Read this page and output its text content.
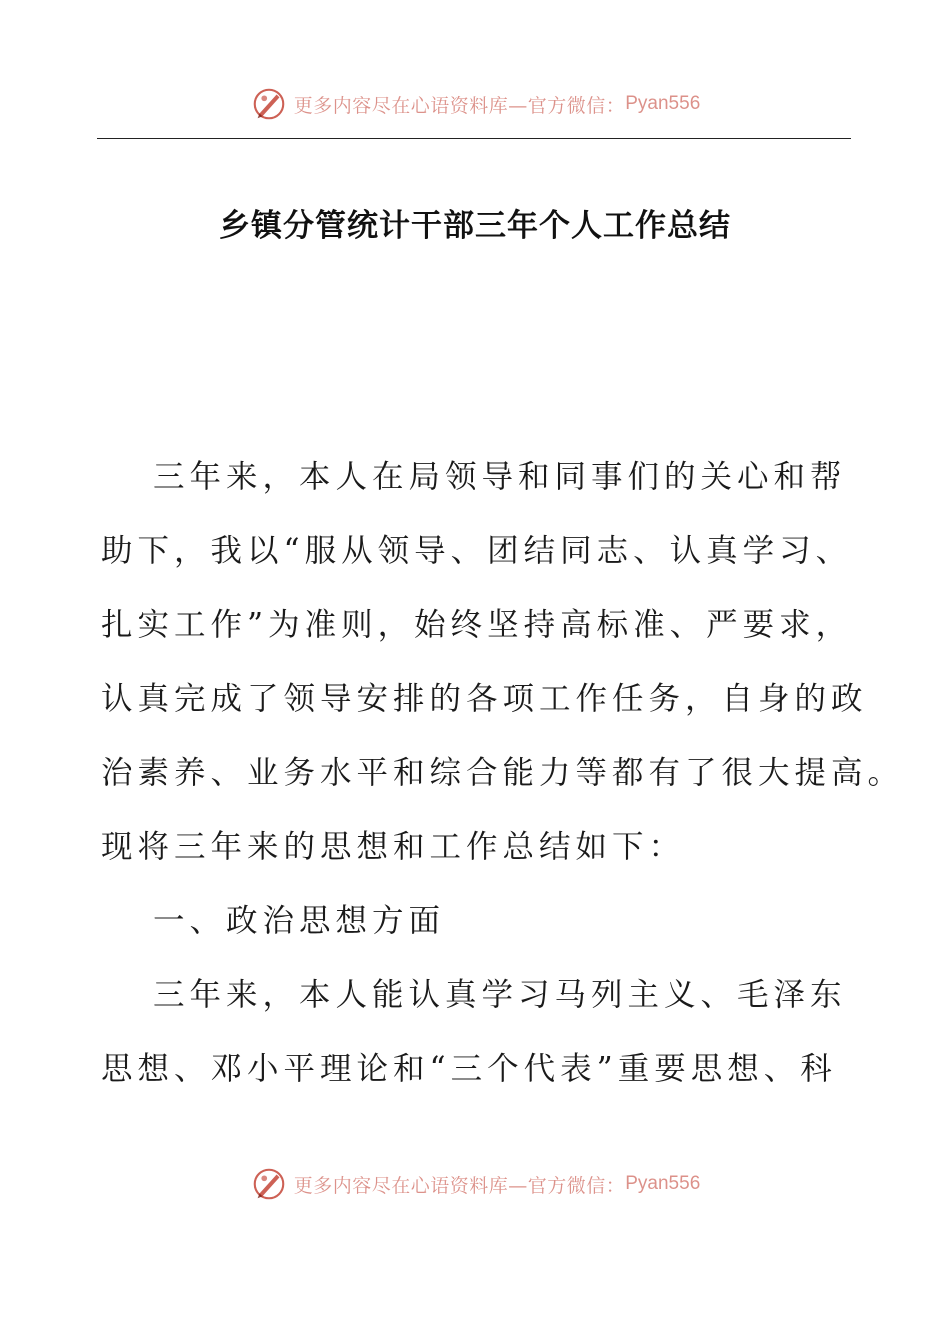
更多内容尽在心语资料库—官方微信： Pyan556
乡镇分管统计干部三年个人工作总结
三年来，本人在局领导和同事们的关心和帮
助下，我以“服从领导、团结同志、认真学习、
扎实工作”为准则，始终坚持高标准、严要求，
认真完成了领导安排的各项工作任务，自身的政
治素养、业务水平和综合能力等都有了很大提高。
现将三年来的思想和工作总结如下：
一、政治思想方面
三年来，本人能认真学习马列主义、毛泽东
思想、邓小平理论和“三个代表”重要思想、科
更多内容尽在心语资料库—官方微信： Pyan556
